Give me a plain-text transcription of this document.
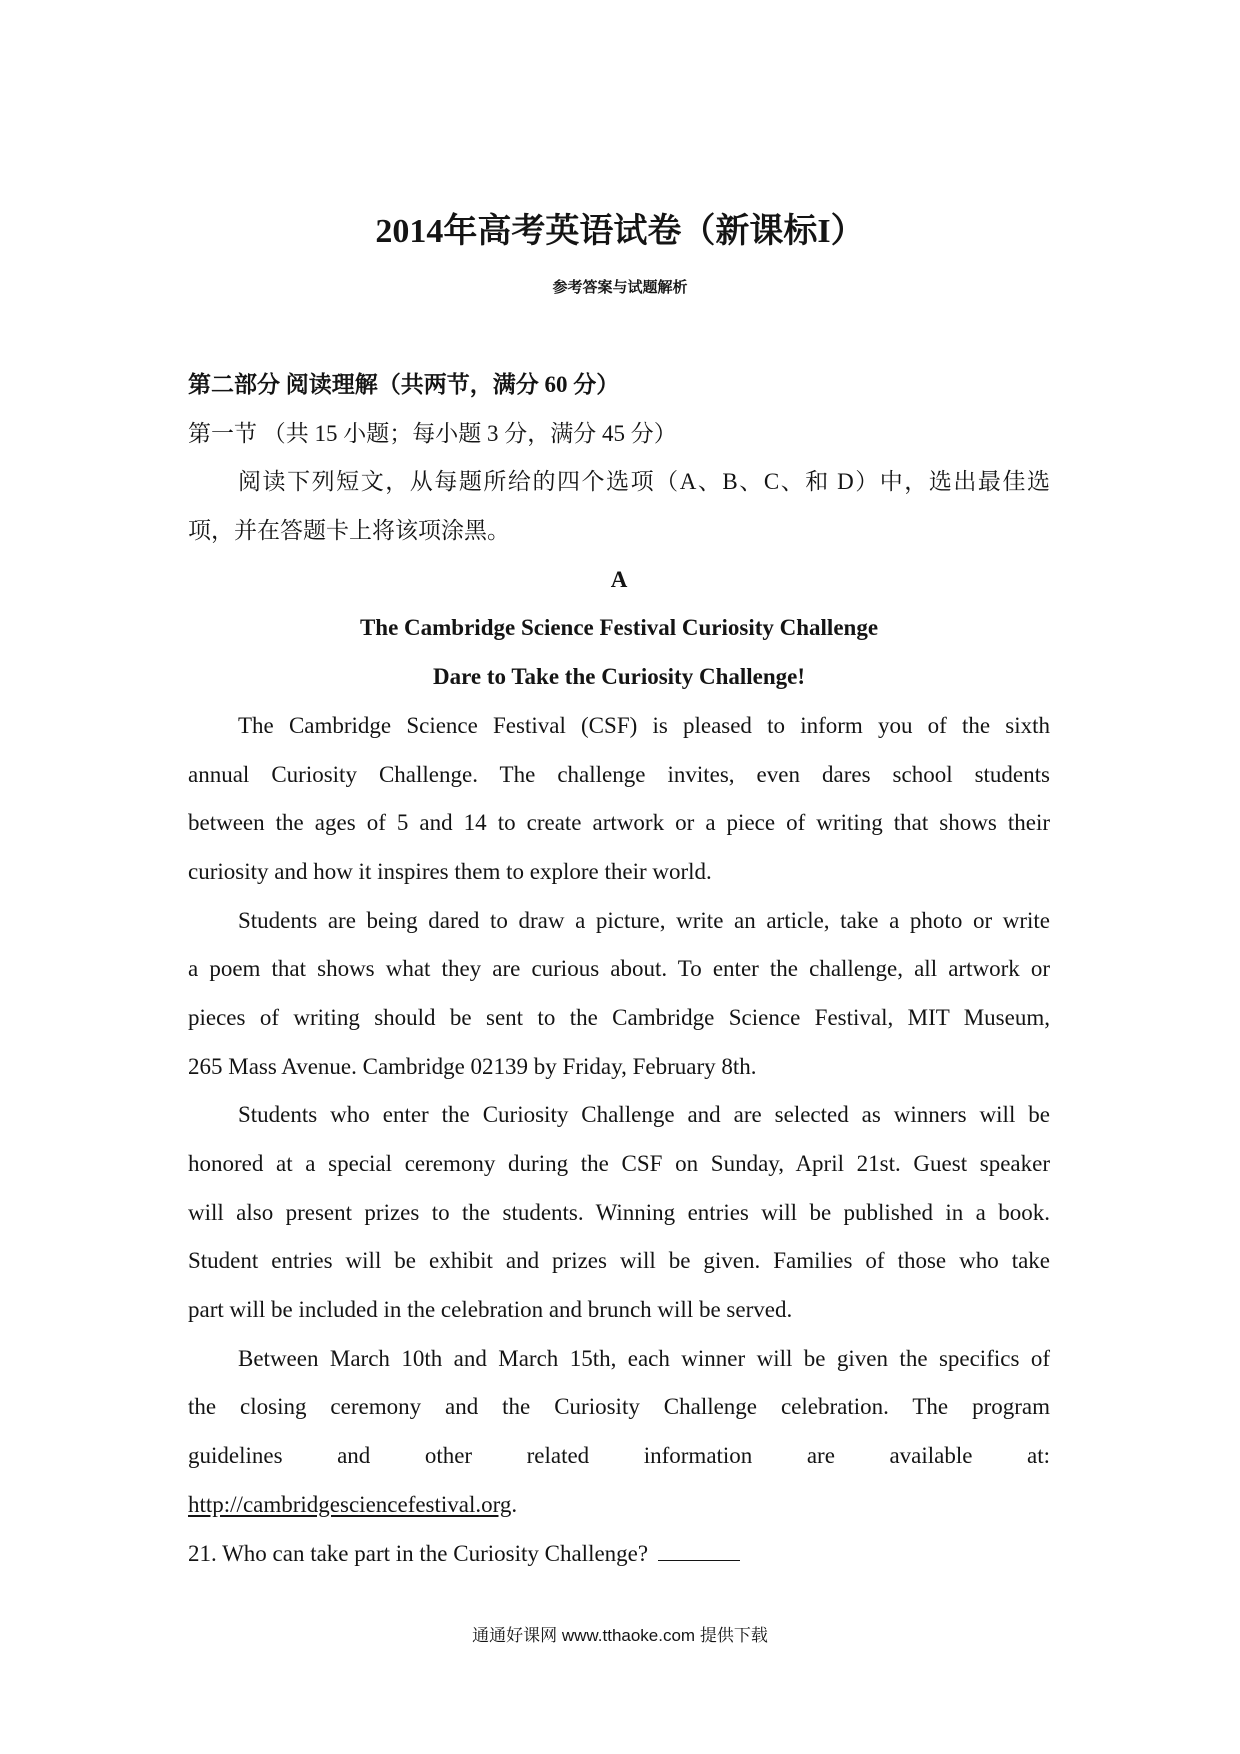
2014年高考英语试卷（新课标I）
参考答案与试题解析
第二部分 阅读理解（共两节，满分 60 分）
第一节 （共 15 小题；每小题 3 分，满分 45 分）
阅读下列短文，从每题所给的四个选项（A、B、C、和 D）中，选出最佳选
项，并在答题卡上将该项涂黑。
A
The Cambridge Science Festival Curiosity Challenge
Dare to Take the Curiosity Challenge!
The Cambridge Science Festival (CSF) is pleased to inform you of the sixth
annual Curiosity Challenge. The challenge invites, even dares school students
between the ages of 5 and 14 to create artwork or a piece of writing that shows their
curiosity and how it inspires them to explore their world.
Students are being dared to draw a picture, write an article, take a photo or write
a poem that shows what they are curious about. To enter the challenge, all artwork or
pieces of writing should be sent to the Cambridge Science Festival, MIT Museum,
265 Mass Avenue. Cambridge 02139 by Friday, February 8th.
Students who enter the Curiosity Challenge and are selected as winners will be
honored at a special ceremony during the CSF on Sunday, April 21st. Guest speaker
will also present prizes to the students. Winning entries will be published in a book.
Student entries will be exhibit and prizes will be given. Families of those who take
part will be included in the celebration and brunch will be served.
Between March 10th and March 15th, each winner will be given the specifics of
the closing ceremony and the Curiosity Challenge celebration. The program
guidelines and other related information are available at:
http://cambridgesciencefestival.org.
21. Who can take part in the Curiosity Challenge?
通通好课网 www.tthaoke.com 提供下载
